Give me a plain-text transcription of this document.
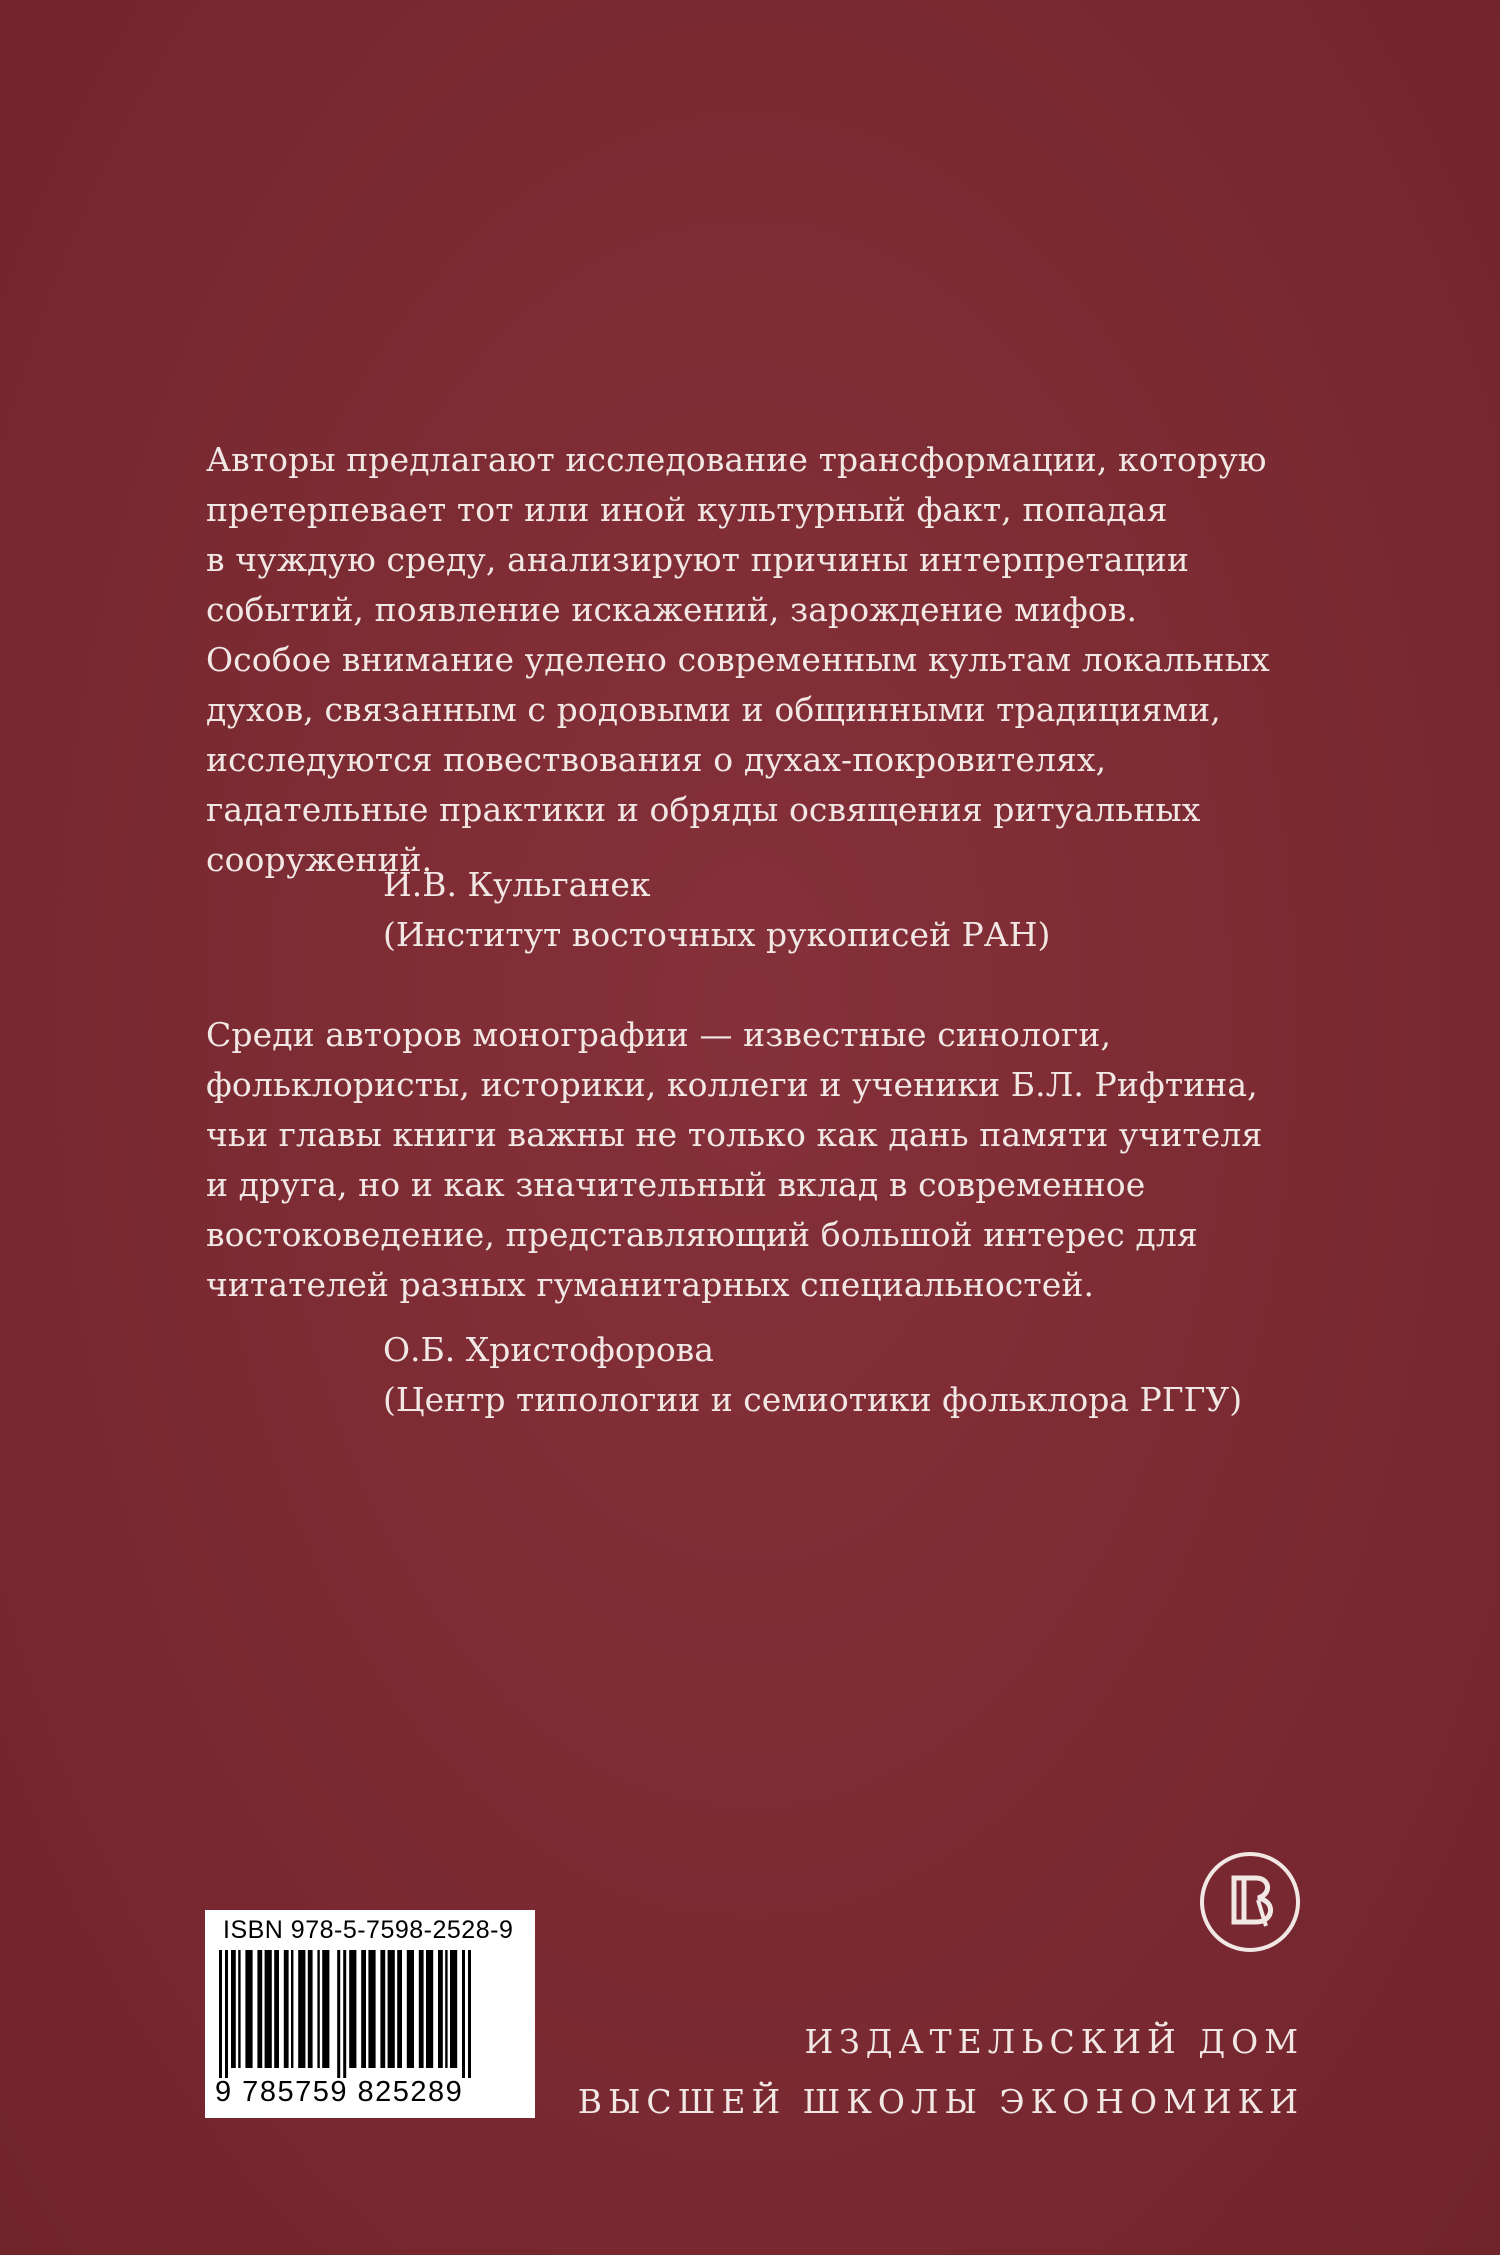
Авторы предлагают исследование трансформации, которую
претерпевает тот или иной культурный факт, попадая
в чуждую среду, анализируют причины интерпретации
событий, появление искажений, зарождение мифов.
Особое внимание уделено современным культам локальных
духов, связанным с родовыми и общинными традициями,
исследуются повествования о духах-покровителях,
гадательные практики и обряды освящения ритуальных
сооружений.
И.В. Кульганек
(Институт восточных рукописей РАН)
Среди авторов монографии — известные синологи,
фольклористы, историки, коллеги и ученики Б.Л. Рифтина,
чьи главы книги важны не только как дань памяти учителя
и друга, но и как значительный вклад в современное
востоковедение, представляющий большой интерес для
читателей разных гуманитарных специальностей.
О.Б. Христофорова
(Центр типологии и семиотики фольклора РГГУ)
ИЗДАТЕЛЬСКИЙ ДОМ
ВЫСШЕЙ ШКОЛЫ ЭКОНОМИКИ
ISBN 978-5-7598-2528-9
9 785759 825289
